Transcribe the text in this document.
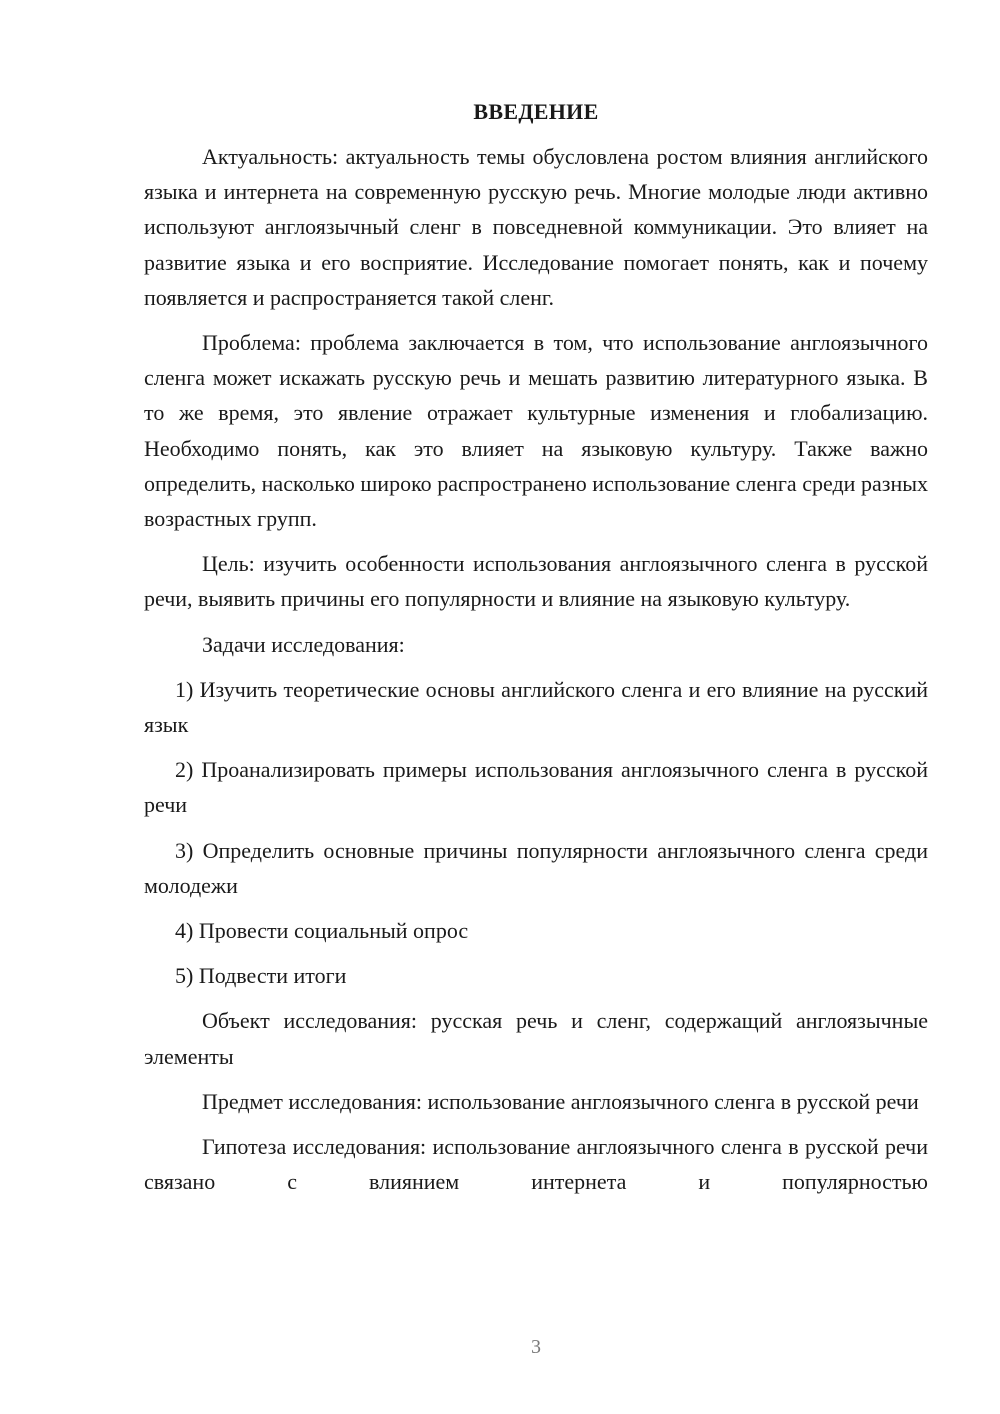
ВВЕДЕНИЕ

Актуальность: актуальность темы обусловлена ростом влияния английского языка и интернета на современную русскую речь. Многие молодые люди активно используют англоязычный сленг в повседневной коммуникации. Это влияет на развитие языка и его восприятие. Исследование помогает понять, как и почему появляется и распространяется такой сленг.

Проблема: проблема заключается в том, что использование англоязычного сленга может искажать русскую речь и мешать развитию литературного языка. В то же время, это явление отражает культурные изменения и глобализацию. Необходимо понять, как это влияет на языковую культуру. Также важно определить, насколько широко распространено использование сленга среди разных возрастных групп.

Цель: изучить особенности использования англоязычного сленга в русской речи, выявить причины его популярности и влияние на языковую культуру.

Задачи исследования:

1) Изучить теоретические основы английского сленга и его влияние на русский язык

2) Проанализировать примеры использования англоязычного сленга в русской речи

3) Определить основные причины популярности англоязычного сленга среди молодежи

4) Провести социальный опрос

5) Подвести итоги

Объект исследования: русская речь и сленг, содержащий англоязычные элементы

Предмет исследования: использование англоязычного сленга в русской речи

Гипотеза исследования: использование англоязычного сленга в русской речи связано с влиянием интернета и популярностью

3
